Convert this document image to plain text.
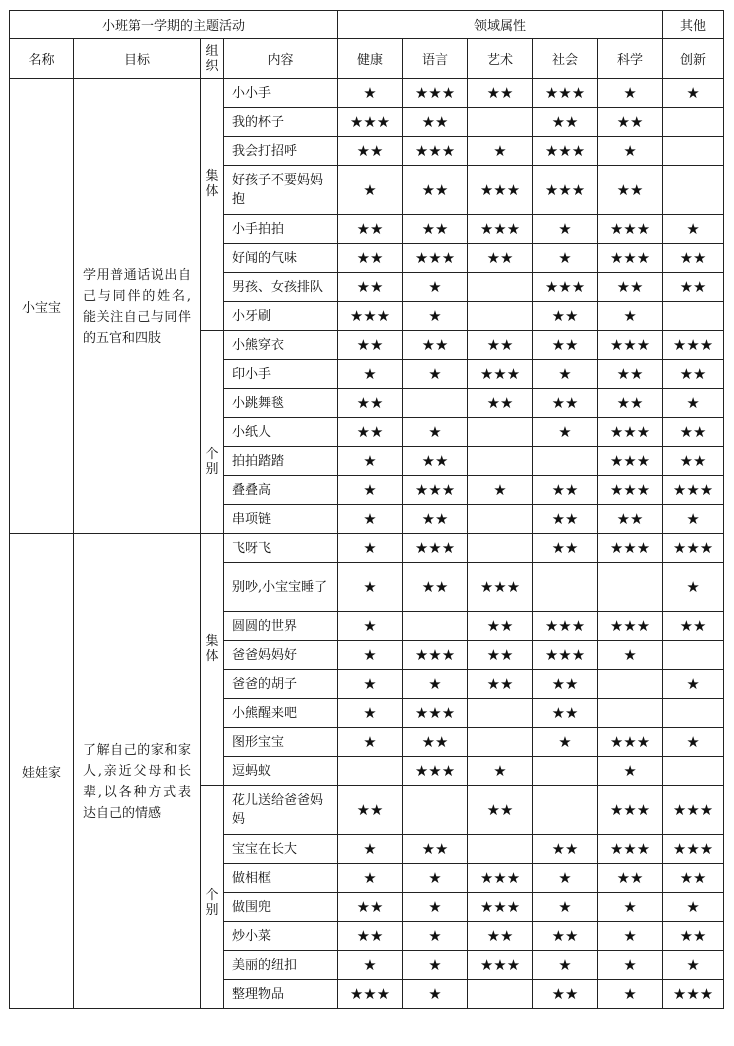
小班第一学期的主题活动				领域属性					其他
名称	目标	组织	内容	健康	语言	艺术	社会	科学	创新
小宝宝	学用普通话说出自己与同伴的姓名,能关注自己与同伴的五官和四肢	集体	小小手	★	★★★	★★	★★★	★	★
			我的杯子	★★★	★★		★★	★★	
			我会打招呼	★★	★★★	★	★★★	★	
			好孩子不要妈妈抱	★	★★	★★★	★★★	★★	
			小手拍拍	★★	★★	★★★	★	★★★	★
			好闻的气味	★★	★★★	★★	★	★★★	★★
			男孩、女孩排队	★★	★		★★★	★★	★★
			小牙刷	★★★	★		★★	★	

		个别	小熊穿衣	★★	★★	★★	★★	★★★	★★★
			印小手	★	★	★★★	★	★★	★★
			小跳舞毯	★★		★★	★★	★★	★
			小纸人	★★	★		★	★★★	★★
			拍拍踏踏	★	★★			★★★	★★
			叠叠高	★	★★★	★	★★	★★★	★★★
			串项链	★	★★		★★	★★	★
娃娃家	了解自己的家和家人,亲近父母和长辈,以各种方式表达自己的情感	集体	飞呀飞	★	★★★		★★	★★★	★★★
			别吵,小宝宝睡了	★	★★	★★★			★
			圆圆的世界	★		★★	★★★	★★★	★★
			爸爸妈妈好	★	★★★	★★	★★★	★	
			爸爸的胡子	★	★	★★	★★		★
			小熊醒来吧	★	★★★		★★		
			图形宝宝	★	★★		★	★★★	★
			逗蚂蚁		★★★	★		★	

		个别	花儿送给爸爸妈妈	★★		★★		★★★	★★★
			宝宝在长大	★	★★		★★	★★★	★★★
			做相框	★	★	★★★	★	★★	★★
			做围兜	★★	★	★★★	★	★	★
			炒小菜	★★	★	★★	★★	★	★★
			美丽的纽扣	★	★	★★★	★	★	★
			整理物品	★★★	★		★★	★	★★★
